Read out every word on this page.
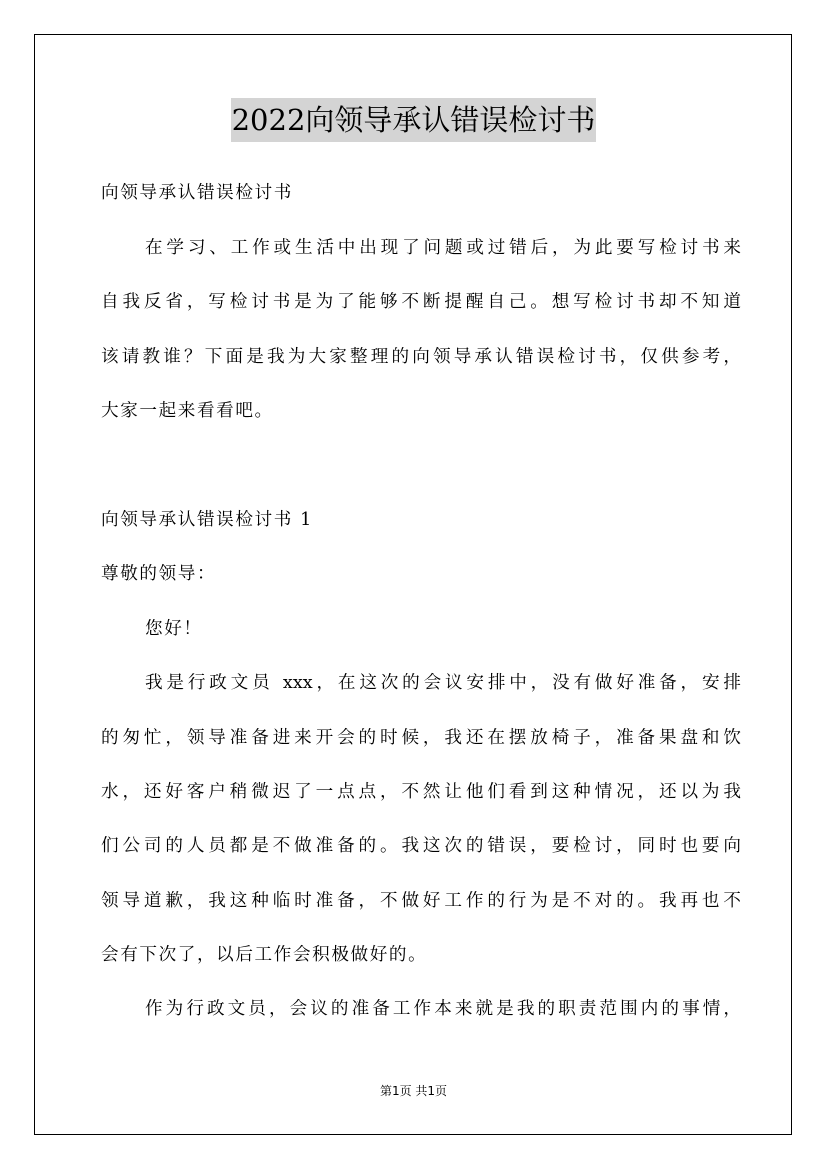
2022向领导承认错误检讨书
向领导承认错误检讨书
在学习、工作或生活中出现了问题或过错后，为此要写检讨书来
自我反省，写检讨书是为了能够不断提醒自己。想写检讨书却不知道
该请教谁？下面是我为大家整理的向领导承认错误检讨书，仅供参考，
大家一起来看看吧。
向领导承认错误检讨书 1
尊敬的领导：
您好！
我是行政文员 xxx，在这次的会议安排中，没有做好准备，安排
的匆忙，领导准备进来开会的时候，我还在摆放椅子，准备果盘和饮
水，还好客户稍微迟了一点点，不然让他们看到这种情况，还以为我
们公司的人员都是不做准备的。我这次的错误，要检讨，同时也要向
领导道歉，我这种临时准备，不做好工作的行为是不对的。我再也不
会有下次了，以后工作会积极做好的。
作为行政文员，会议的准备工作本来就是我的职责范围内的事情，
第1页 共1页
